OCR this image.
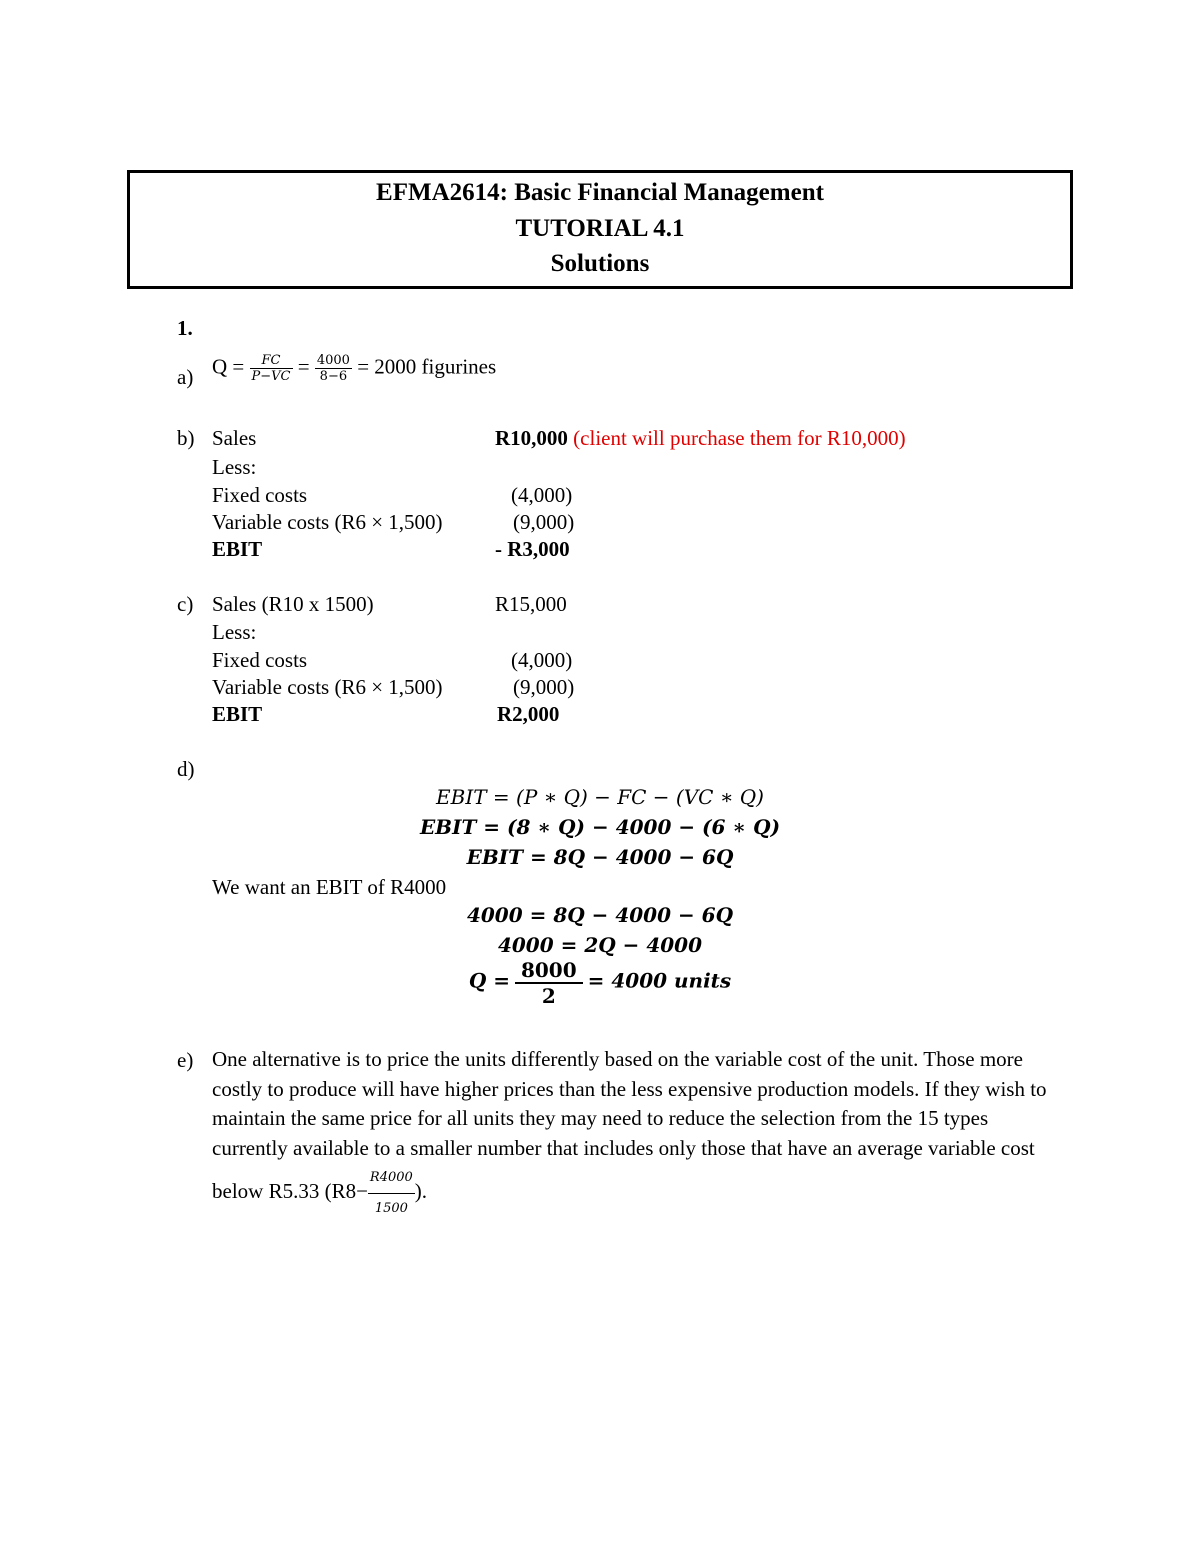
EFMA2614: Basic Financial Management
TUTORIAL 4.1
Solutions
1.
a) $Q = \frac{FC}{P-VC} = \frac{4000}{8-6} = 2000$ figurines
b) Sales	R10,000 (client will purchase them for R10,000)
Less:
Fixed costs	(4,000)
Variable costs (R6 × 1,500)	(9,000)
EBIT	- R3,000
c) Sales (R10 x 1500)	R15,000
Less:
Fixed costs	(4,000)
Variable costs (R6 × 1,500)	(9,000)
EBIT	R2,000
d)
EBIT = (P ∗ Q) − FC − (VC ∗ Q)
EBIT = (8 ∗ Q) − 4000 − (6 ∗ Q)
EBIT = 8Q − 4000 − 6Q
We want an EBIT of R4000
4000 = 8Q − 4000 − 6Q
4000 = 2Q − 4000
$Q = \frac{8000}{2} = 4000$ units
e) One alternative is to price the units differently based on the variable cost of the unit. Those more costly to produce will have higher prices than the less expensive production models. If they wish to maintain the same price for all units they may need to reduce the selection from the 15 types currently available to a smaller number that includes only those that have an average variable cost below R5.33 ($R8- \frac{R4000}{1500}$ ).
